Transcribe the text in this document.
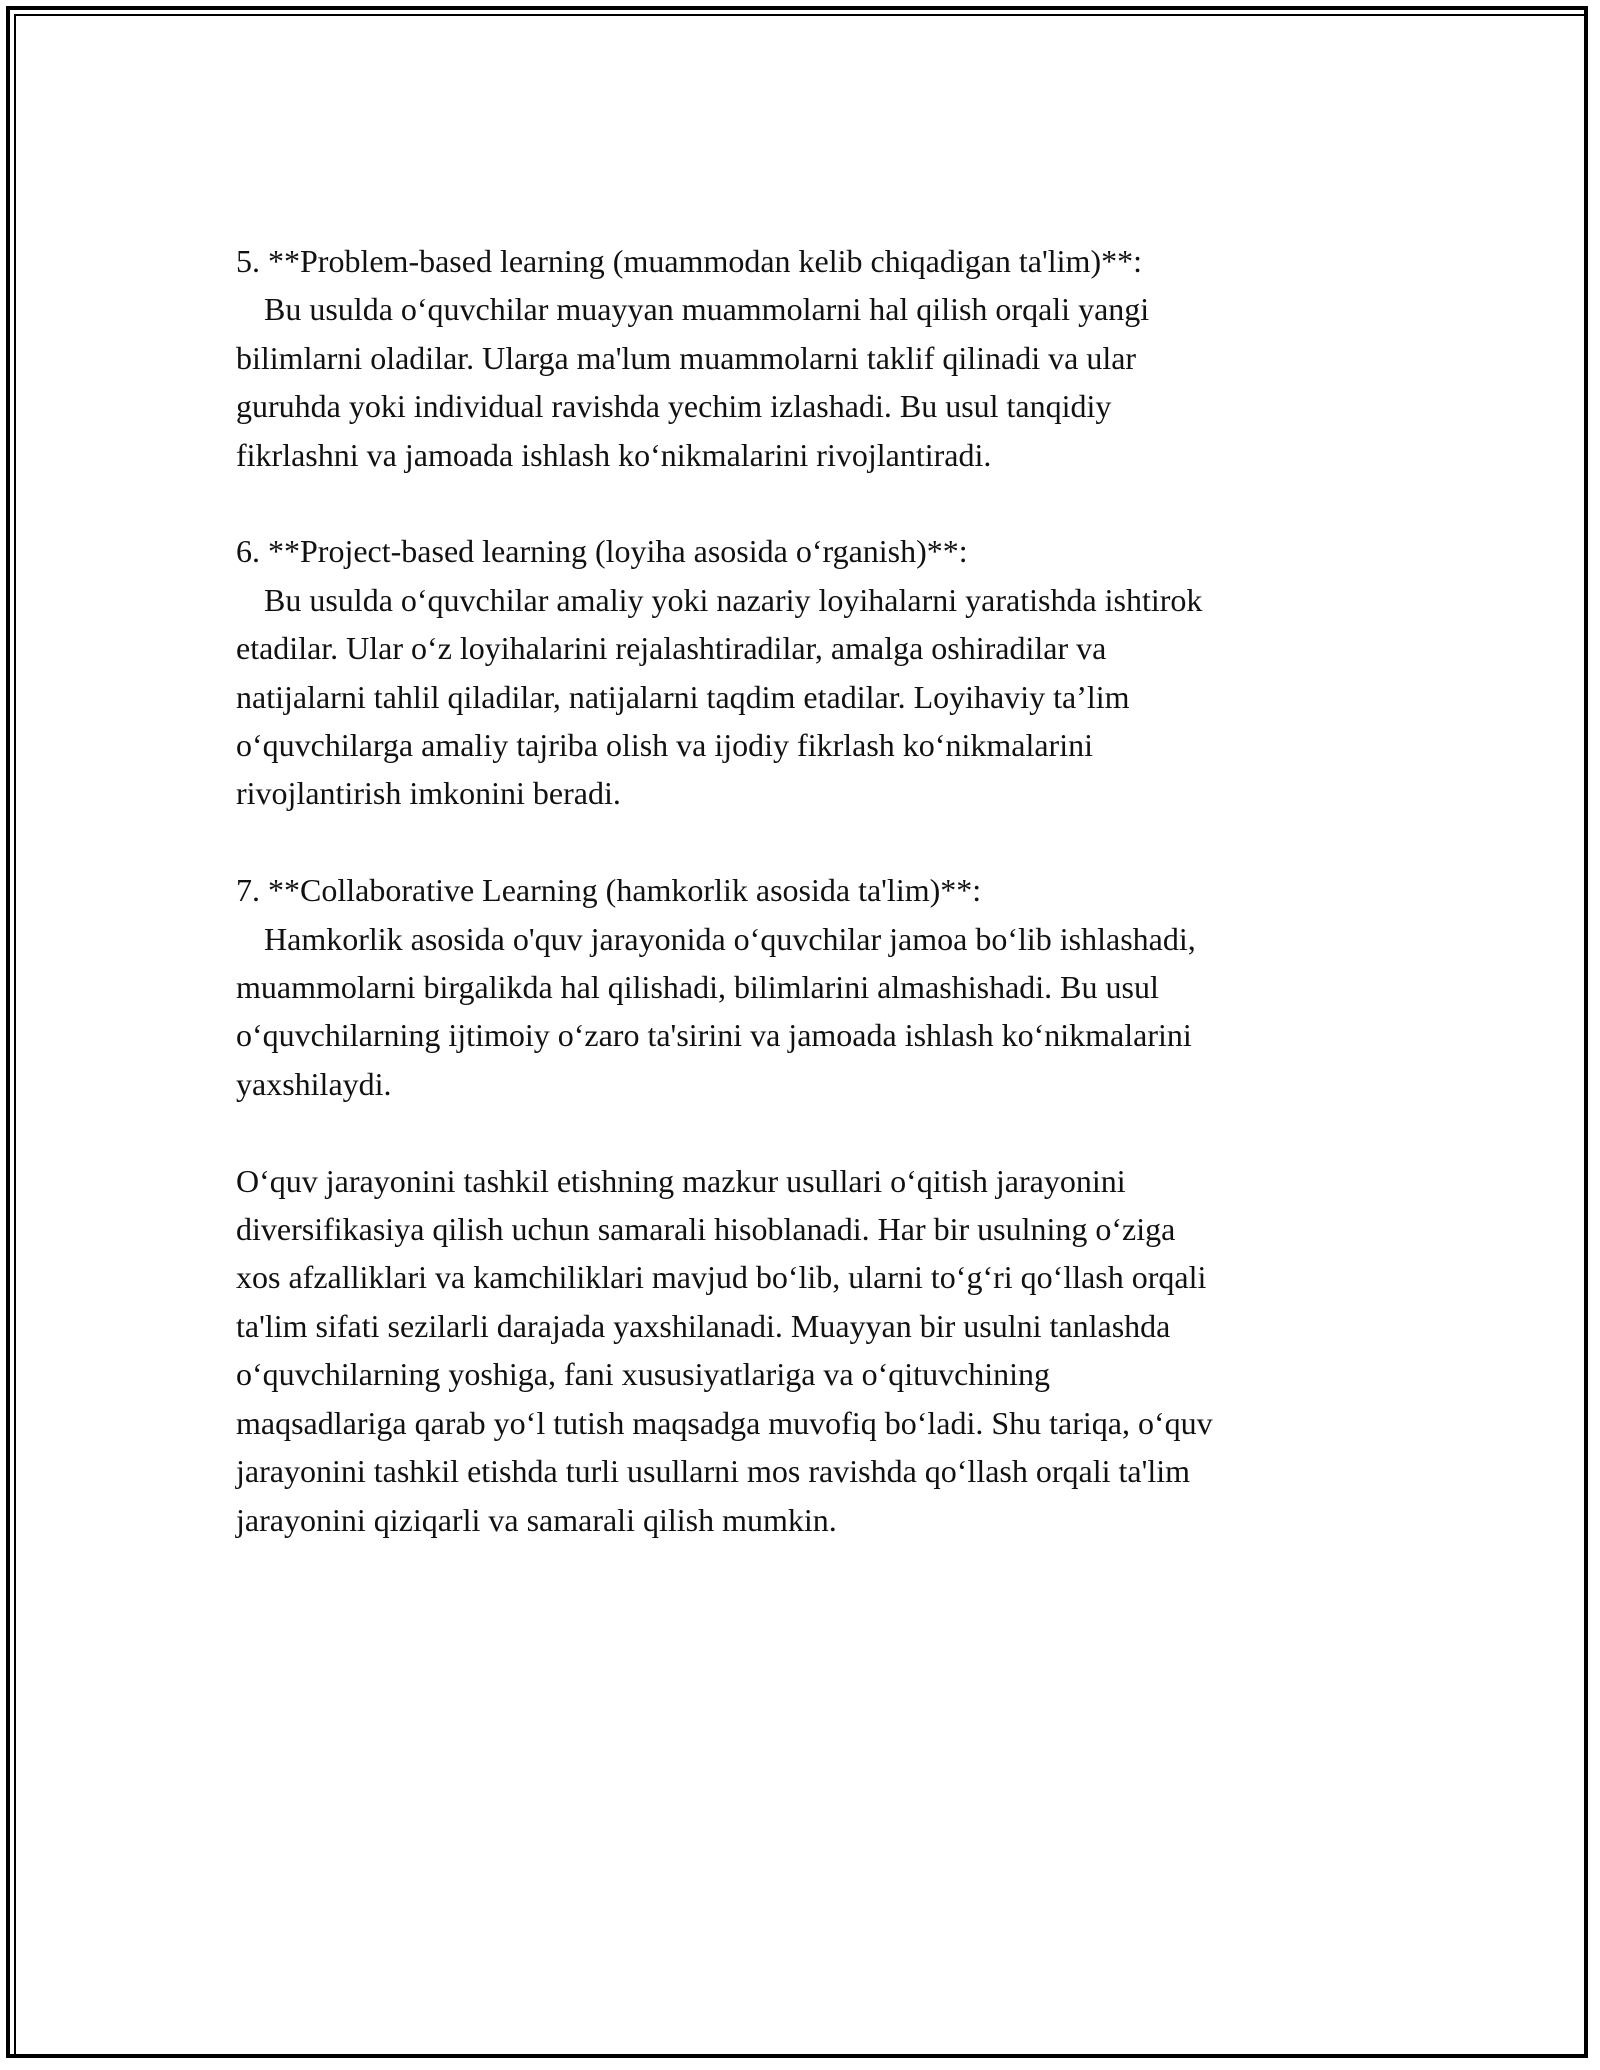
5. **Problem-based learning (muammodan kelib chiqadigan ta'lim)**:
Bu usulda o‘quvchilar muayyan muammolarni hal qilish orqali yangi
bilimlarni oladilar. Ularga ma'lum muammolarni taklif qilinadi va ular
guruhda yoki individual ravishda yechim izlashadi. Bu usul tanqidiy
fikrlashni va jamoada ishlash ko‘nikmalarini rivojlantiradi.
6. **Project-based learning (loyiha asosida o‘rganish)**:
Bu usulda o‘quvchilar amaliy yoki nazariy loyihalarni yaratishda ishtirok
etadilar. Ular o‘z loyihalarini rejalashtiradilar, amalga oshiradilar va
natijalarni tahlil qiladilar, natijalarni taqdim etadilar. Loyihaviy ta’lim
o‘quvchilarga amaliy tajriba olish va ijodiy fikrlash ko‘nikmalarini
rivojlantirish imkonini beradi.
7. **Collaborative Learning (hamkorlik asosida ta'lim)**:
Hamkorlik asosida o'quv jarayonida o‘quvchilar jamoa bo‘lib ishlashadi,
muammolarni birgalikda hal qilishadi, bilimlarini almashishadi. Bu usul
o‘quvchilarning ijtimoiy o‘zaro ta'sirini va jamoada ishlash ko‘nikmalarini
yaxshilaydi.
O‘quv jarayonini tashkil etishning mazkur usullari o‘qitish jarayonini
diversifikasiya qilish uchun samarali hisoblanadi. Har bir usulning o‘ziga
xos afzalliklari va kamchiliklari mavjud bo‘lib, ularni to‘g‘ri qo‘llash orqali
ta'lim sifati sezilarli darajada yaxshilanadi. Muayyan bir usulni tanlashda
o‘quvchilarning yoshiga, fani xususiyatlariga va o‘qituvchining
maqsadlariga qarab yo‘l tutish maqsadga muvofiq bo‘ladi. Shu tariqa, o‘quv
jarayonini tashkil etishda turli usullarni mos ravishda qo‘llash orqali ta'lim
jarayonini qiziqarli va samarali qilish mumkin.
